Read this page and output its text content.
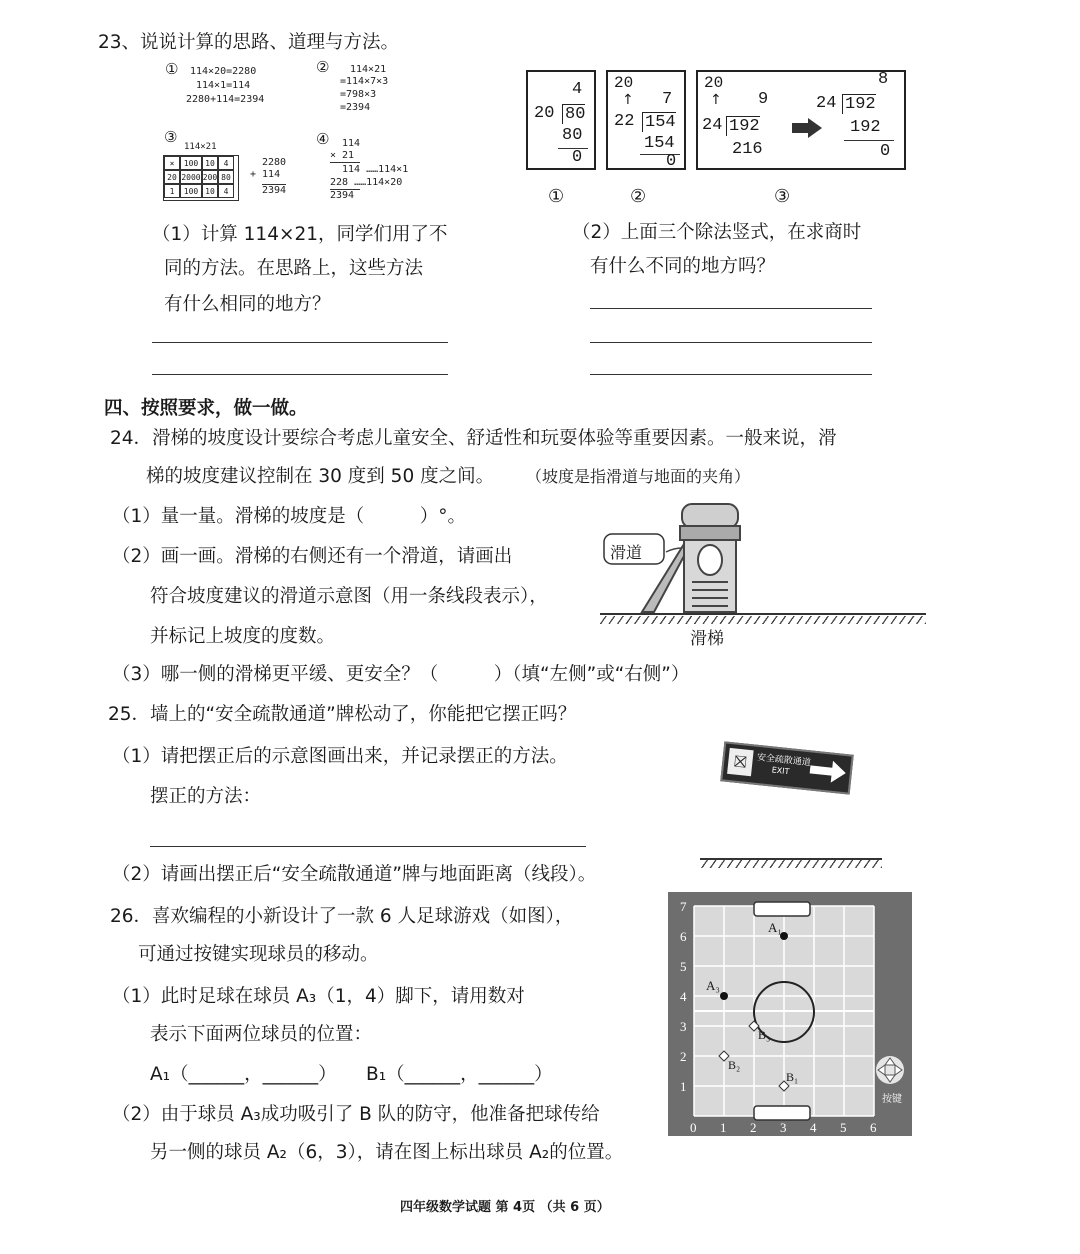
23、说说计算的思路、道理与方法。
① 114×20=2280
114×1=114
2280+114=2394
② 114×21
=114×7×3
=798×3
=2394
③
114×21
×	100 10	4
20 2000 200 80
1	100 10	4
2280
+ 114
2394
④ 114
× 21
114 ……114×1
228 ……114×20
2394
4
20 80
80
0
①
20
↑ 7
22 154
154
0
②
20
↑ 9
24 192
216
8
24 192
192
0
③
（1）计算 114×21，同学们用了不
同的方法。在思路上，这些方法
有什么相同的地方？
（2）上面三个除法竖式，在求商时
有什么不同的地方吗？
四、按照要求，做一做。
24．滑梯的坡度设计要综合考虑儿童安全、舒适性和玩耍体验等重要因素。一般来说，滑
梯的坡度建议控制在 30 度到 50 度之间。 （坡度是指滑道与地面的夹角）
（1）量一量。滑梯的坡度是（　　　）°。
（2）画一画。滑梯的右侧还有一个滑道，请画出
符合坡度建议的滑道示意图（用一条线段表示），
并标记上坡度的度数。
（3）哪一侧的滑梯更平缓、更安全？（　　　）（填“左侧”或“右侧”）
滑道
滑梯
25．墙上的“安全疏散通道”牌松动了，你能把它摆正吗？
（1）请把摆正后的示意图画出来，并记录摆正的方法。
摆正的方法：
（2）请画出摆正后“安全疏散通道”牌与地面距离（线段）。
⛝ 安全疏散通道
EXIT
26．喜欢编程的小新设计了一款 6 人足球游戏（如图），
可通过按键实现球员的移动。
（1）此时足球在球员 A₃（1，4）脚下，请用数对
表示下面两位球员的位置：
A₁（______，______） B₁（______，______）
（2）由于球员 A₃成功吸引了 B 队的防守，他准备把球传给
另一侧的球员 A₂（6，3），请在图上标出球员 A₂的位置。
按键
0 1 2 3 4 5 6
1
2
3
4
5
6
7
A₁
A₃
B₁
B₂
B₃
四年级数学试题 第 4页 （共 6 页）
